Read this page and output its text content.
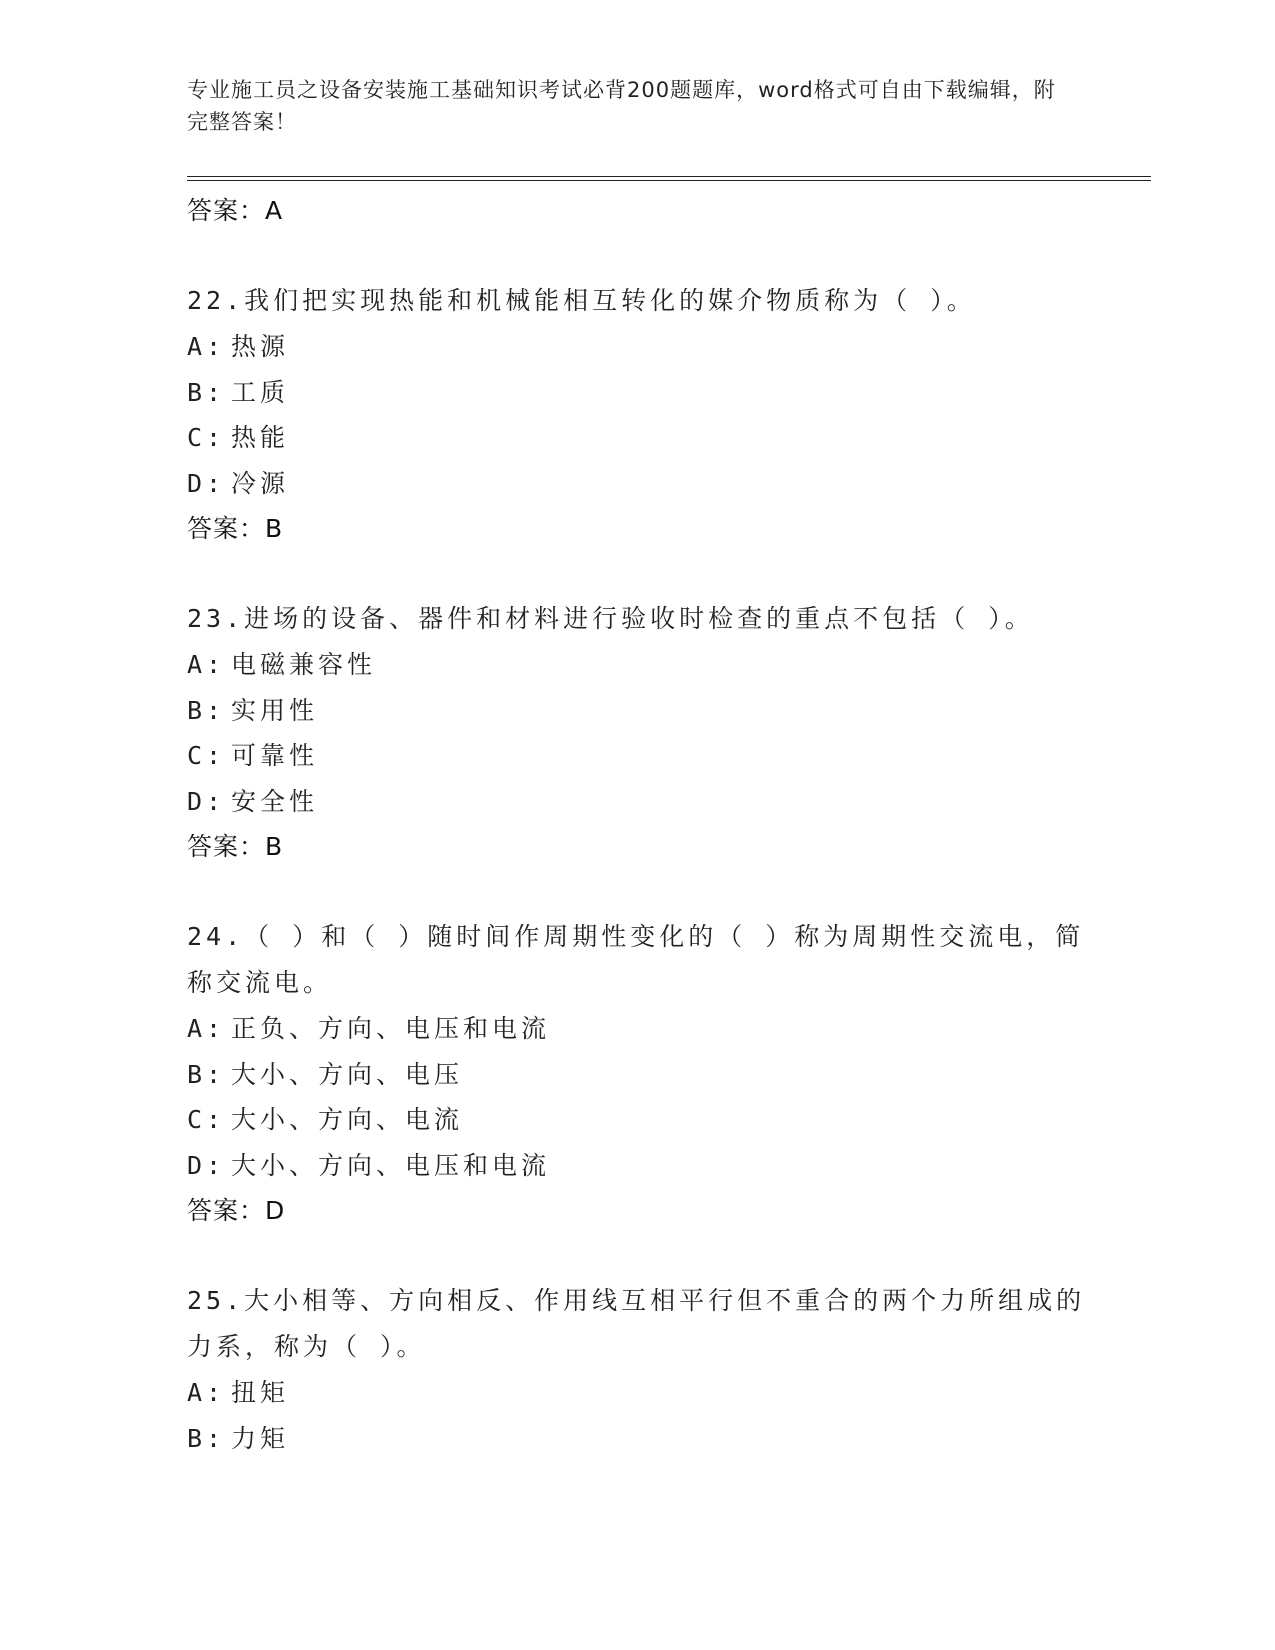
专业施工员之设备安装施工基础知识考试必背200题题库，word格式可自由下载编辑，附完整答案！
答案：A
22.我们把实现热能和机械能相互转化的媒介物质称为（ ）。
A: 热源
B: 工质
C: 热能
D: 冷源
答案：B
23.进场的设备、器件和材料进行验收时检查的重点不包括（ ）。
A: 电磁兼容性
B: 实用性
C: 可靠性
D: 安全性
答案：B
24.（ ）和（ ）随时间作周期性变化的（ ）称为周期性交流电，简称交流电。
A: 正负、方向、电压和电流
B: 大小、方向、电压
C: 大小、方向、电流
D: 大小、方向、电压和电流
答案：D
25.大小相等、方向相反、作用线互相平行但不重合的两个力所组成的力系，称为（ ）。
A: 扭矩
B: 力矩
